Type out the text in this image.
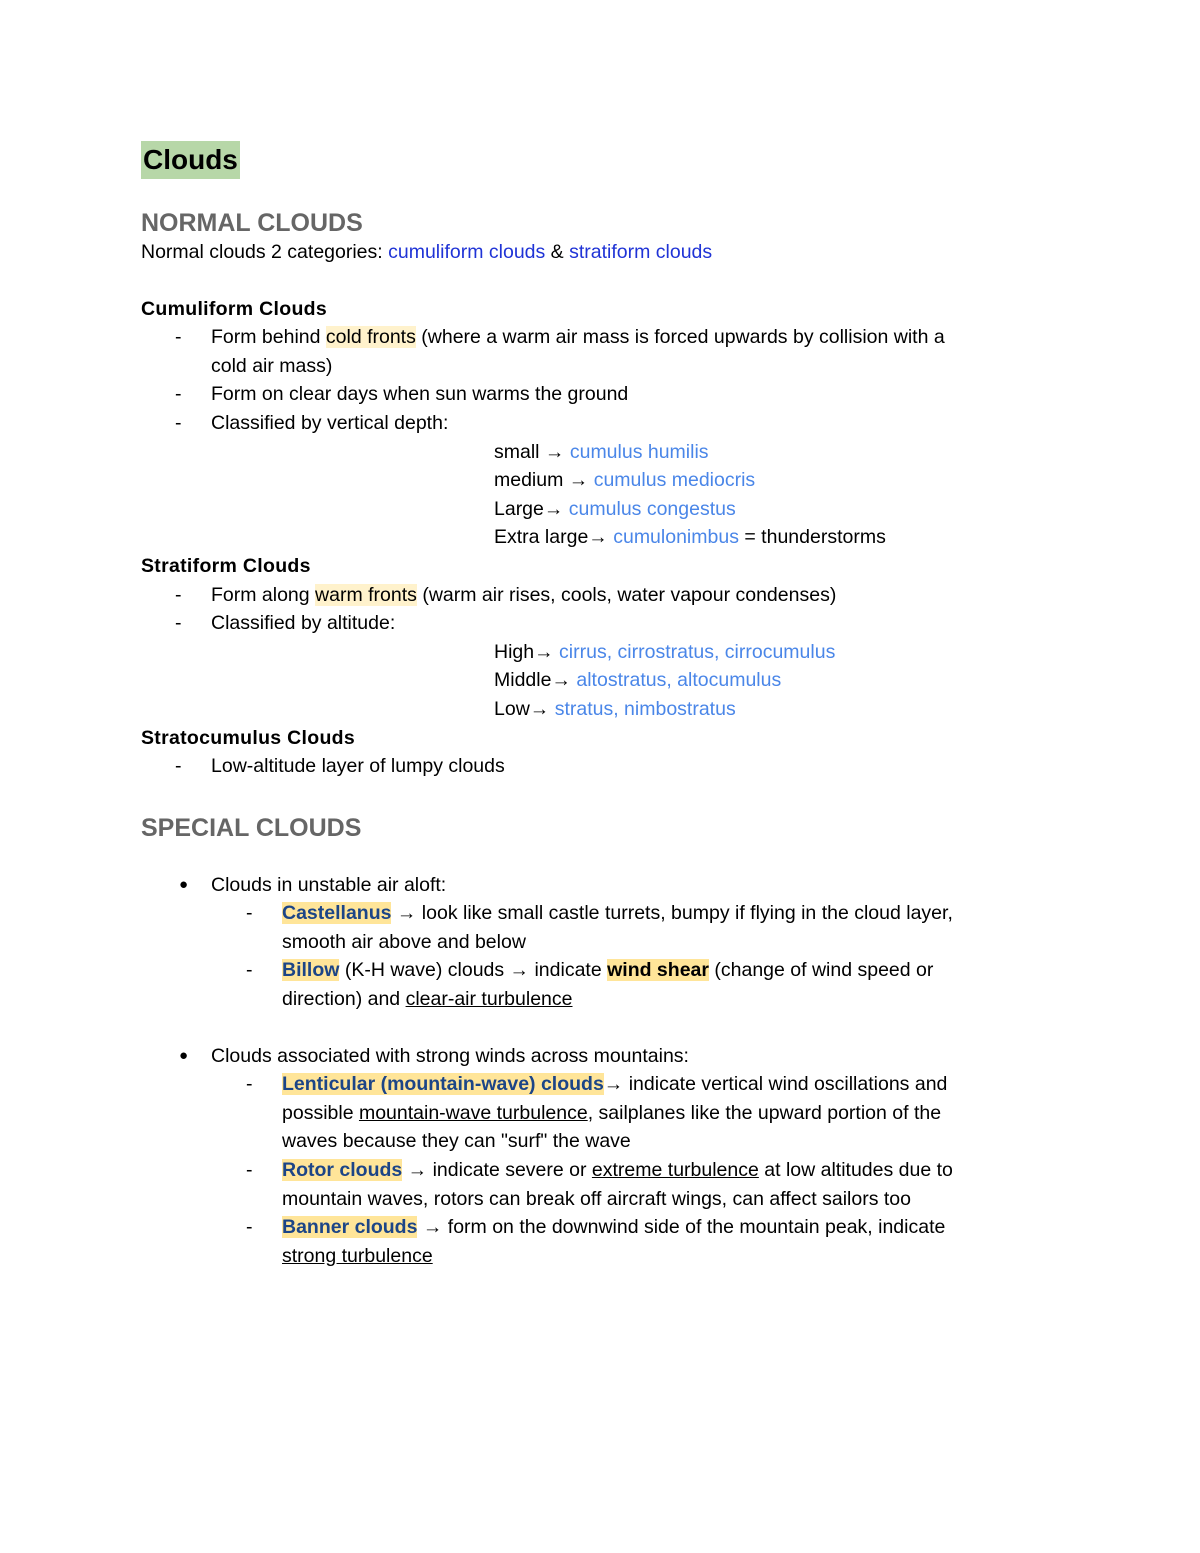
Clouds
NORMAL CLOUDS
Normal clouds 2 categories: cumuliform clouds & stratiform clouds
Cumuliform Clouds
-	Form behind cold fronts (where a warm air mass is forced upwards by collision with a
cold air mass)
-	Form on clear days when sun warms the ground
-	Classified by vertical depth:
small → cumulus humilis
medium → cumulus mediocris
Large→ cumulus congestus
Extra large→ cumulonimbus = thunderstorms
Stratiform Clouds
-	Form along warm fronts (warm air rises, cools, water vapour condenses)
-	Classified by altitude:
High→ cirrus, cirrostratus, cirrocumulus
Middle→ altostratus, altocumulus
Low→ stratus, nimbostratus
Stratocumulus Clouds
-	Low-altitude layer of lumpy clouds
SPECIAL CLOUDS
●	Clouds in unstable air aloft:
-	Castellanus → look like small castle turrets, bumpy if flying in the cloud layer,
smooth air above and below
-	Billow (K-H wave) clouds → indicate wind shear (change of wind speed or
direction) and clear-air turbulence
●	Clouds associated with strong winds across mountains:
-	Lenticular (mountain-wave) clouds→ indicate vertical wind oscillations and
possible mountain-wave turbulence, sailplanes like the upward portion of the
waves because they can "surf" the wave
-	Rotor clouds → indicate severe or extreme turbulence at low altitudes due to
mountain waves, rotors can break off aircraft wings, can affect sailors too
-	Banner clouds → form on the downwind side of the mountain peak, indicate
strong turbulence
